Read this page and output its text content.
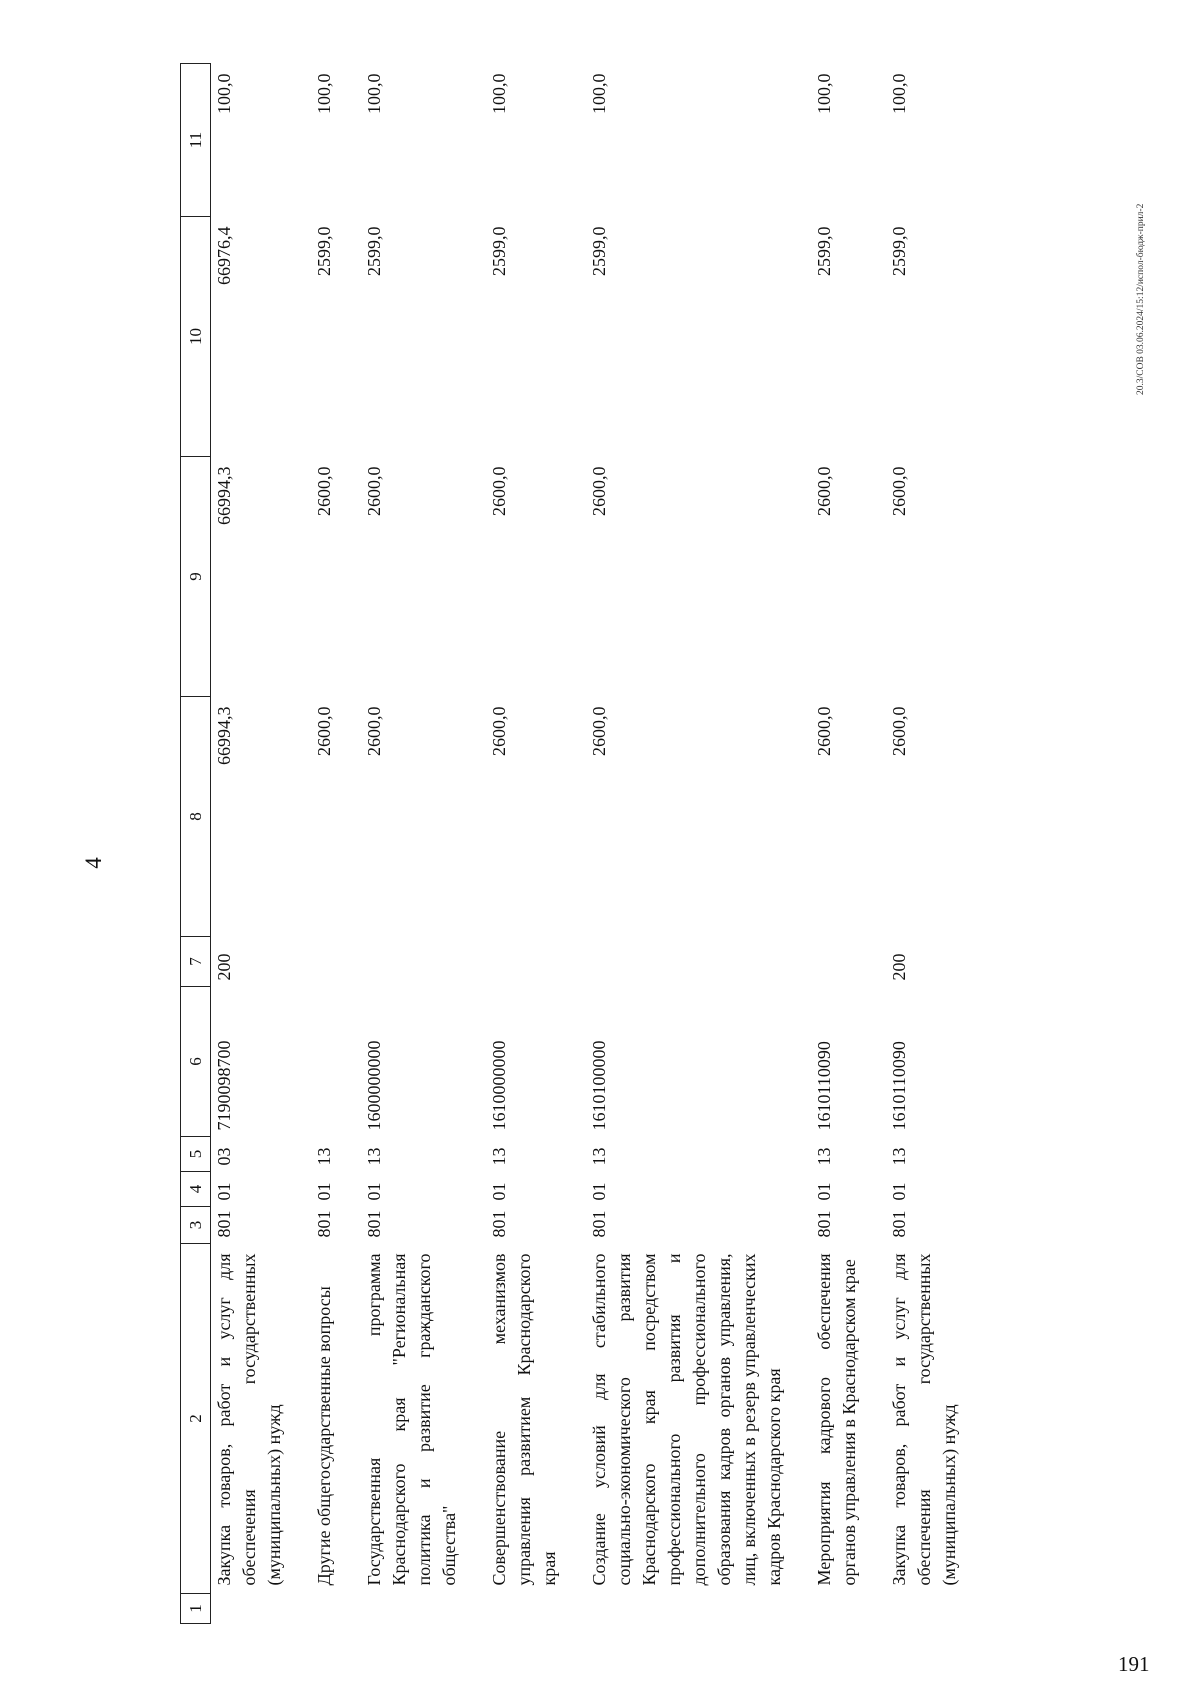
4
20.3/СОВ 03.06.2024/15:12/испол-бюдж-прил-2
191
1	2	3	4	5	6	7	8	9	10	11
	Закупка товаров, работ и услуг для обеспечения государственных (муниципальных) нужд	801	01	03	7190098700	200	66994,3	66994,3	66976,4	100,0
	Другие общегосударственные вопросы	801	01	13			2600,0	2600,0	2599,0	100,0
	Государственная программа Краснодарского края "Региональная политика и развитие гражданского общества"	801	01	13	1600000000		2600,0	2600,0	2599,0	100,0
	Совершенствование механизмов управления развитием Краснодарского края	801	01	13	1610000000		2600,0	2600,0	2599,0	100,0
	Создание условий для стабильного социально-экономического развития Краснодарского края посредством профессионального развития и дополнительного профессионального образования кадров органов управления, лиц, включенных в резерв управленческих кадров Краснодарского края	801	01	13	1610100000		2600,0	2600,0	2599,0	100,0
	Мероприятия кадрового обеспечения органов управления в Краснодарском крае	801	01	13	1610110090		2600,0	2600,0	2599,0	100,0
	Закупка товаров, работ и услуг для обеспечения государственных (муниципальных) нужд	801	01	13	1610110090	200	2600,0	2600,0	2599,0	100,0
